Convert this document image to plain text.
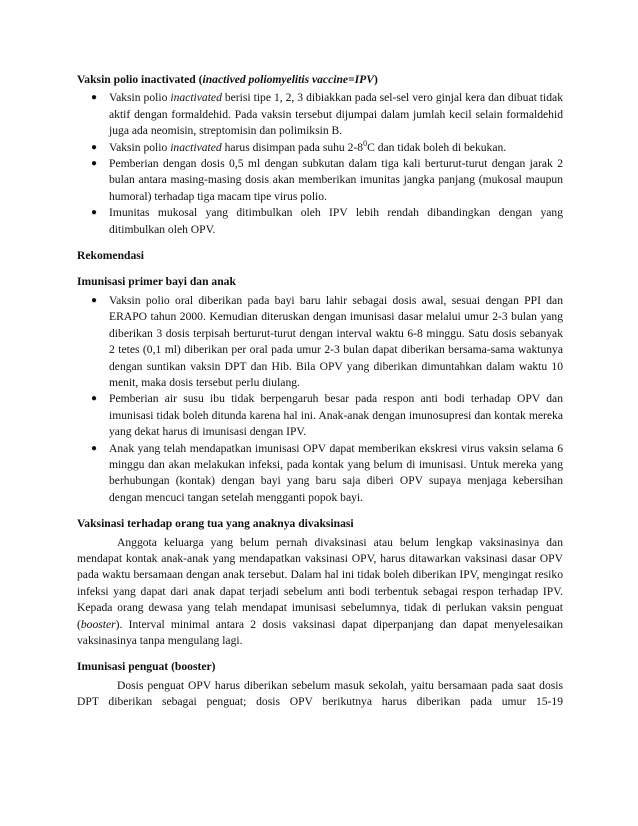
Vaksin polio inactivated (inactived poliomyelitis vaccine=IPV)
● Vaksin polio inactivated berisi tipe 1, 2, 3 dibiakkan pada sel-sel vero ginjal kera dan dibuat tidak aktif dengan formaldehid. Pada vaksin tersebut dijumpai dalam jumlah kecil selain formaldehid juga ada neomisin, streptomisin dan polimiksin B.
● Vaksin polio inactivated harus disimpan pada suhu $2-8^0C$ dan tidak boleh di bekukan.
● Pemberian dengan dosis 0,5 ml dengan subkutan dalam tiga kali berturut-turut dengan jarak 2 bulan antara masing-masing dosis akan memberikan imunitas jangka panjang (mukosal maupun humoral) terhadap tiga macam tipe virus polio.
● Imunitas mukosal yang ditimbulkan oleh IPV lebih rendah dibandingkan dengan yang ditimbulkan oleh OPV.
Rekomendasi
Imunisasi primer bayi dan anak
● Vaksin polio oral diberikan pada bayi baru lahir sebagai dosis awal, sesuai dengan PPI dan ERAPO tahun 2000. Kemudian diteruskan dengan imunisasi dasar melalui umur 2-3 bulan yang diberikan 3 dosis terpisah berturut-turut dengan interval waktu 6-8 minggu. Satu dosis sebanyak 2 tetes (0,1 ml) diberikan per oral pada umur 2-3 bulan dapat diberikan bersama-sama waktunya dengan suntikan vaksin DPT dan Hib. Bila OPV yang diberikan dimuntahkan dalam waktu 10 menit, maka dosis tersebut perlu diulang.
● Pemberian air susu ibu tidak berpengaruh besar pada respon anti bodi terhadap OPV dan imunisasi tidak boleh ditunda karena hal ini. Anak-anak dengan imunosupresi dan kontak mereka yang dekat harus di imunisasi dengan IPV.
● Anak yang telah mendapatkan imunisasi OPV dapat memberikan ekskresi virus vaksin selama 6 minggu dan akan melakukan infeksi, pada kontak yang belum di imunisasi. Untuk mereka yang berhubungan (kontak) dengan bayi yang baru saja diberi OPV supaya menjaga kebersihan dengan mencuci tangan setelah mengganti popok bayi.
Vaksinasi terhadap orang tua yang anaknya divaksinasi

Anggota keluarga yang belum pernah divaksinasi atau belum lengkap vaksinasinya dan mendapat kontak anak-anak yang mendapatkan vaksinasi OPV, harus ditawarkan vaksinasi dasar OPV pada waktu bersamaan dengan anak tersebut. Dalam hal ini tidak boleh diberikan IPV, mengingat resiko infeksi yang dapat dari anak dapat terjadi sebelum anti bodi terbentuk sebagai respon terhadap IPV. Kepada orang dewasa yang telah mendapat imunisasi sebelumnya, tidak di perlukan vaksin penguat (booster). Interval minimal antara 2 dosis vaksinasi dapat diperpanjang dan dapat menyelesaikan vaksinasinya tanpa mengulang lagi.

Imunisasi penguat (booster)

Dosis penguat OPV harus diberikan sebelum masuk sekolah, yaitu bersamaan pada saat dosis DPT diberikan sebagai penguat; dosis OPV berikutnya harus diberikan pada umur 15-19
